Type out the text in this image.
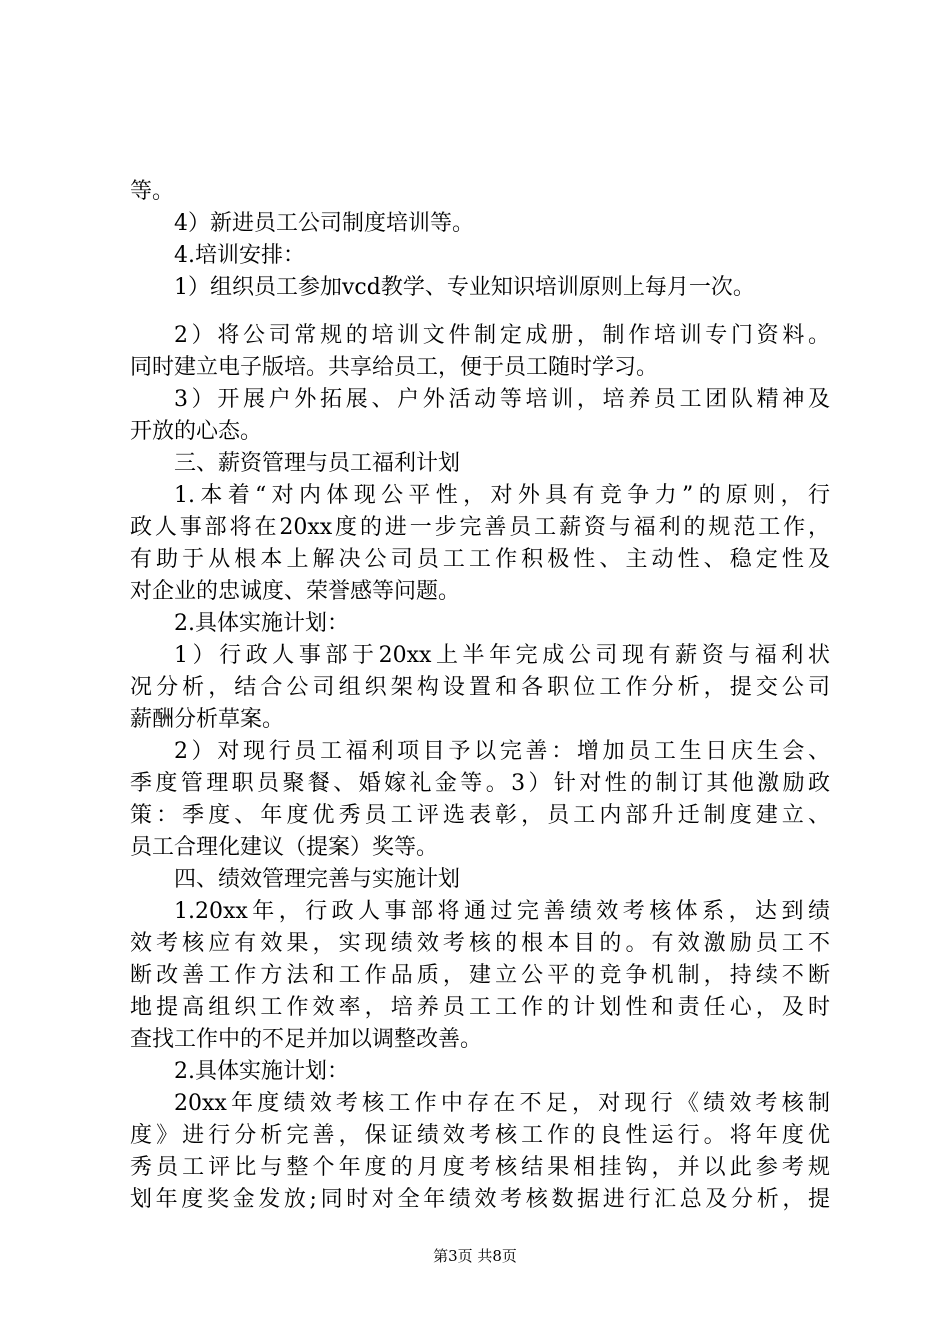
等。
4）新进员工公司制度培训等。
4.培训安排：
1）组织员工参加vcd教学、专业知识培训原则上每月一次。
2）将公司常规的培训文件制定成册，制作培训专门资料。
同时建立电子版培。共享给员工，便于员工随时学习。
3）开展户外拓展、户外活动等培训，培养员工团队精神及
开放的心态。
三、薪资管理与员工福利计划
1.本着“对内体现公平性，对外具有竞争力”的原则，行
政人事部将在20xx度的进一步完善员工薪资与福利的规范工作，
有助于从根本上解决公司员工工作积极性、主动性、稳定性及
对企业的忠诚度、荣誉感等问题。
2.具体实施计划：
1）行政人事部于20xx上半年完成公司现有薪资与福利状
况分析，结合公司组织架构设置和各职位工作分析，提交公司
薪酬分析草案。
2）对现行员工福利项目予以完善：增加员工生日庆生会、
季度管理职员聚餐、婚嫁礼金等。3）针对性的制订其他激励政
策：季度、年度优秀员工评选表彰，员工内部升迁制度建立、
员工合理化建议（提案）奖等。
四、绩效管理完善与实施计划
1.20xx年，行政人事部将通过完善绩效考核体系，达到绩
效考核应有效果，实现绩效考核的根本目的。有效激励员工不
断改善工作方法和工作品质，建立公平的竞争机制，持续不断
地提高组织工作效率，培养员工工作的计划性和责任心，及时
查找工作中的不足并加以调整改善。
2.具体实施计划：
20xx年度绩效考核工作中存在不足，对现行《绩效考核制
度》进行分析完善，保证绩效考核工作的良性运行。将年度优
秀员工评比与整个年度的月度考核结果相挂钩，并以此参考规
划年度奖金发放;同时对全年绩效考核数据进行汇总及分析，提
第3页 共8页
